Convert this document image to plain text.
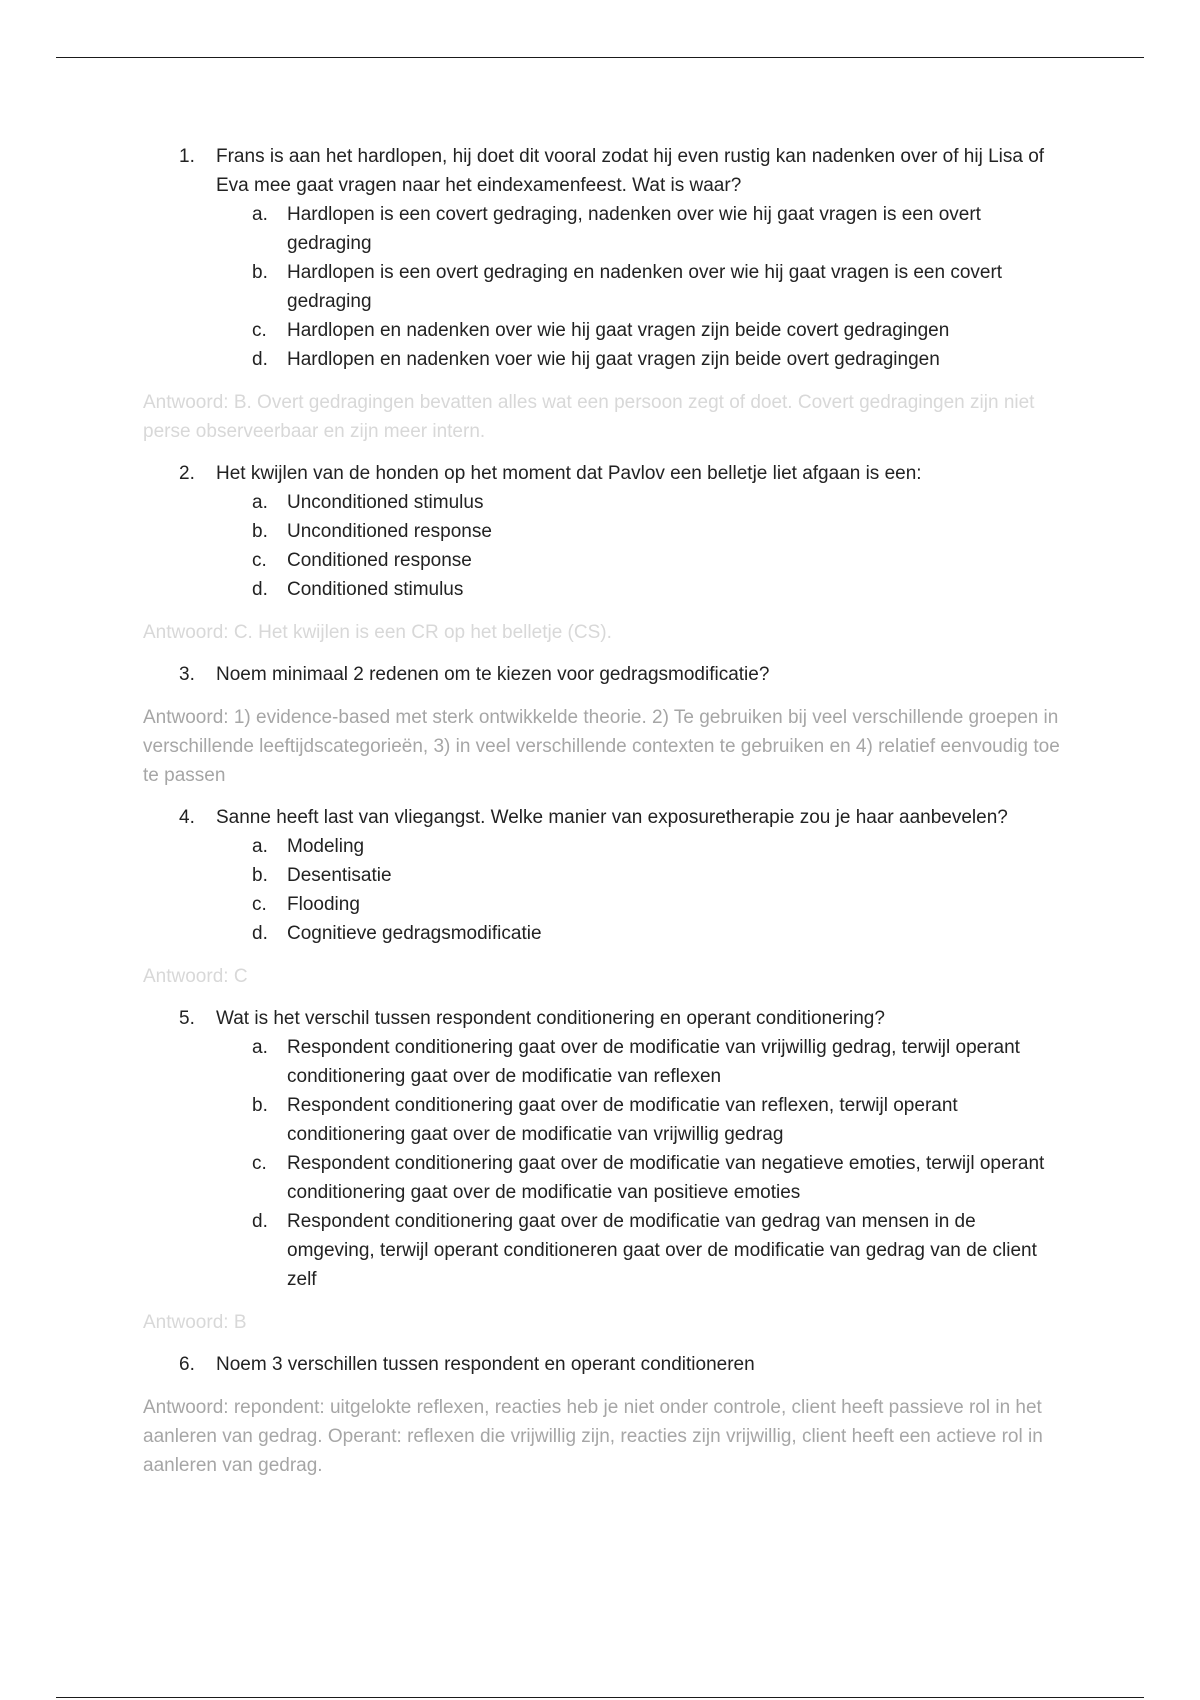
1. Frans is aan het hardlopen, hij doet dit vooral zodat hij even rustig kan nadenken over of hij Lisa of Eva mee gaat vragen naar het eindexamenfeest. Wat is waar?
a. Hardlopen is een covert gedraging, nadenken over wie hij gaat vragen is een overt gedraging
b. Hardlopen is een overt gedraging en nadenken over wie hij gaat vragen is een covert gedraging
c. Hardlopen en nadenken over wie hij gaat vragen zijn beide covert gedragingen
d. Hardlopen en nadenken voer wie hij gaat vragen zijn beide overt gedragingen
Antwoord: B. Overt gedragingen bevatten alles wat een persoon zegt of doet. Covert gedragingen zijn niet perse observeerbaar en zijn meer intern.
2. Het kwijlen van de honden op het moment dat Pavlov een belletje liet afgaan is een:
a. Unconditioned stimulus
b. Unconditioned response
c. Conditioned response
d. Conditioned stimulus
Antwoord: C. Het kwijlen is een CR op het belletje (CS).
3. Noem minimaal 2 redenen om te kiezen voor gedragsmodificatie?
Antwoord: 1) evidence-based met sterk ontwikkelde theorie. 2) Te gebruiken bij veel verschillende groepen in verschillende leeftijdscategorieën, 3) in veel verschillende contexten te gebruiken en 4) relatief eenvoudig toe te passen
4. Sanne heeft last van vliegangst. Welke manier van exposuretherapie zou je haar aanbevelen?
a. Modeling
b. Desentisatie
c. Flooding
d. Cognitieve gedragsmodificatie
Antwoord: C
5. Wat is het verschil tussen respondent conditionering en operant conditionering?
a. Respondent conditionering gaat over de modificatie van vrijwillig gedrag, terwijl operant conditionering gaat over de modificatie van reflexen
b. Respondent conditionering gaat over de modificatie van reflexen, terwijl operant conditionering gaat over de modificatie van vrijwillig gedrag
c. Respondent conditionering gaat over de modificatie van negatieve emoties, terwijl operant conditionering gaat over de modificatie van positieve emoties
d. Respondent conditionering gaat over de modificatie van gedrag van mensen in de omgeving, terwijl operant conditioneren gaat over de modificatie van gedrag van de client zelf
Antwoord: B
6. Noem 3 verschillen tussen respondent en operant conditioneren
Antwoord: repondent: uitgelokte reflexen, reacties heb je niet onder controle, client heeft passieve rol in het aanleren van gedrag. Operant: reflexen die vrijwillig zijn, reacties zijn vrijwillig, client heeft een actieve rol in aanleren van gedrag.
